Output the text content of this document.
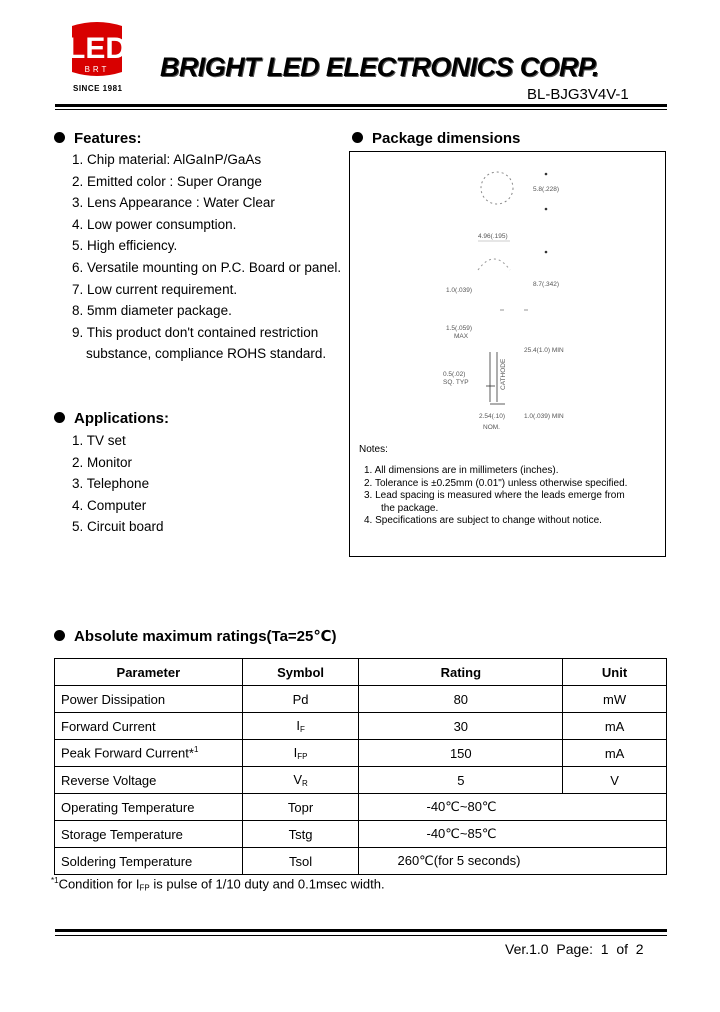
LED
BRT
SINCE 1981
BRIGHT LED ELECTRONICS CORP.
BL-BJG3V4V-1
Features:
1. Chip material: AlGaInP/GaAs
2. Emitted color : Super Orange
3. Lens Appearance : Water Clear
4. Low power consumption.
5. High efficiency.
6. Versatile mounting on P.C. Board or panel.
7. Low current requirement.
8. 5mm diameter package.
9. This product don't contained restriction
substance, compliance ROHS standard.
Applications:
1. TV set
2. Monitor
3. Telephone
4. Computer
5. Circuit board
Package dimensions
5.8(.228)
4.96(.195)
8.7(.342)
1.0(.039)
1.5(.059)
MAX
25.4(1.0) MIN
0.5(.02)
SQ. TYP	CATHODE
1.0(.039) MIN
2.54(.10)
NOM.
Notes:
1. All dimensions are in millimeters (inches).
2. Tolerance is ±0.25mm (0.01") unless otherwise specified.
3. Lead spacing is measured where the leads emerge from
the package.
4. Specifications are subject to change without notice.
Absolute maximum ratings(Ta=25℃)
Parameter	Symbol	Rating	Unit
Power Dissipation	Pd	80	mW
Forward Current	$I_F$	30	mA
Peak Forward Current*$^1$	$I_{FP}$	150	mA
Reverse Voltage	$V_R$	5	V
Operating Temperature	Topr	-40℃~80℃	
Storage Temperature	Tstg	-40℃~85℃	
Soldering Temperature	Tsol	260℃(for 5 seconds)	
$^{*1}$Condition for $I_{FP}$ is pulse of 1/10 duty and 0.1msec width.
Ver.1.0 Page: 1 of 2
